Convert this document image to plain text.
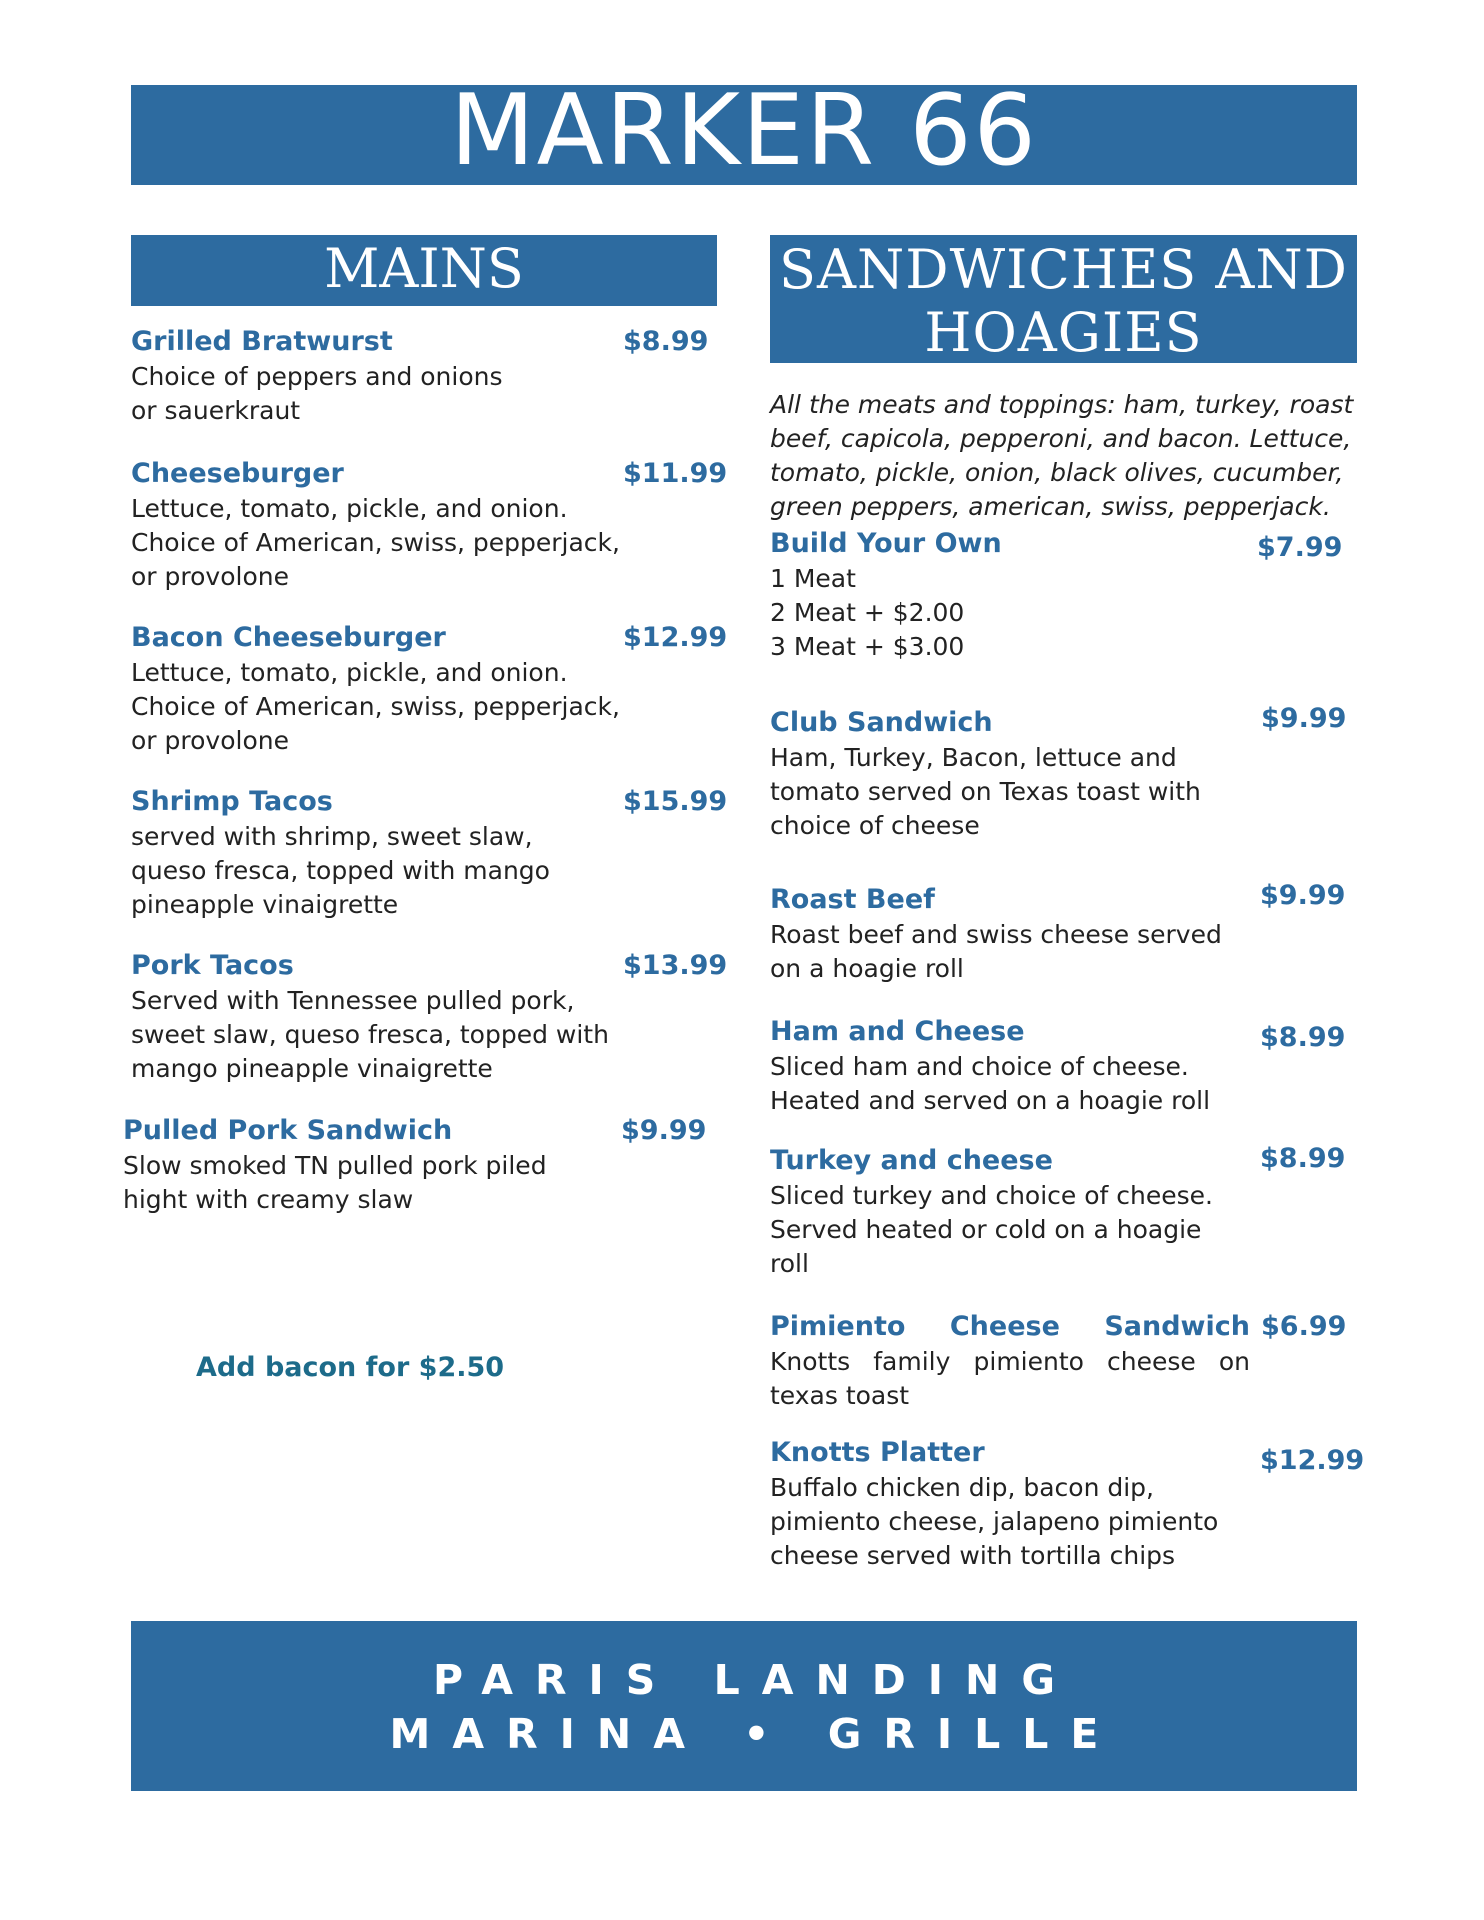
MARKER 66
MAINS	SANDWICHES AND
HOAGIES
Grilled Bratwurst	$8.99
Choice of peppers and onions
or sauerkraut
Cheeseburger	$11.99
Lettuce, tomato, pickle, and onion.
Choice of American, swiss, pepperjack,
or provolone
Bacon Cheeseburger	$12.99
Lettuce, tomato, pickle, and onion.
Choice of American, swiss, pepperjack,
or provolone
Shrimp Tacos	$15.99
served with shrimp, sweet slaw,
queso fresca, topped with mango
pineapple vinaigrette
Pork Tacos	$13.99
Served with Tennessee pulled pork,
sweet slaw, queso fresca, topped with
mango pineapple vinaigrette
Pulled Pork Sandwich	$9.99
Slow smoked TN pulled pork piled
hight with creamy slaw
Add bacon for $2.50
All the meats and toppings: ham, turkey, roast
beef, capicola, pepperoni, and bacon. Lettuce,
tomato, pickle, onion, black olives, cucumber,
green peppers, american, swiss, pepperjack.
Build Your Own	$7.99
1 Meat
2 Meat + $2.00
3 Meat + $3.00
Club Sandwich	$9.99
Ham, Turkey, Bacon, lettuce and
tomato served on Texas toast with
choice of cheese
Roast Beef	$9.99
Roast beef and swiss cheese served
on a hoagie roll
Ham and Cheese	$8.99
Sliced ham and choice of cheese.
Heated and served on a hoagie roll
Turkey and cheese	$8.99
Sliced turkey and choice of cheese.
Served heated or cold on a hoagie
roll
Pimiento Cheese Sandwich $6.99
Knotts family pimiento cheese on
texas toast
Knotts Platter	$12.99
Buffalo chicken dip, bacon dip,
pimiento cheese, jalapeno pimiento
cheese served with tortilla chips
PARIS LANDING
MARINA • GRILLE
